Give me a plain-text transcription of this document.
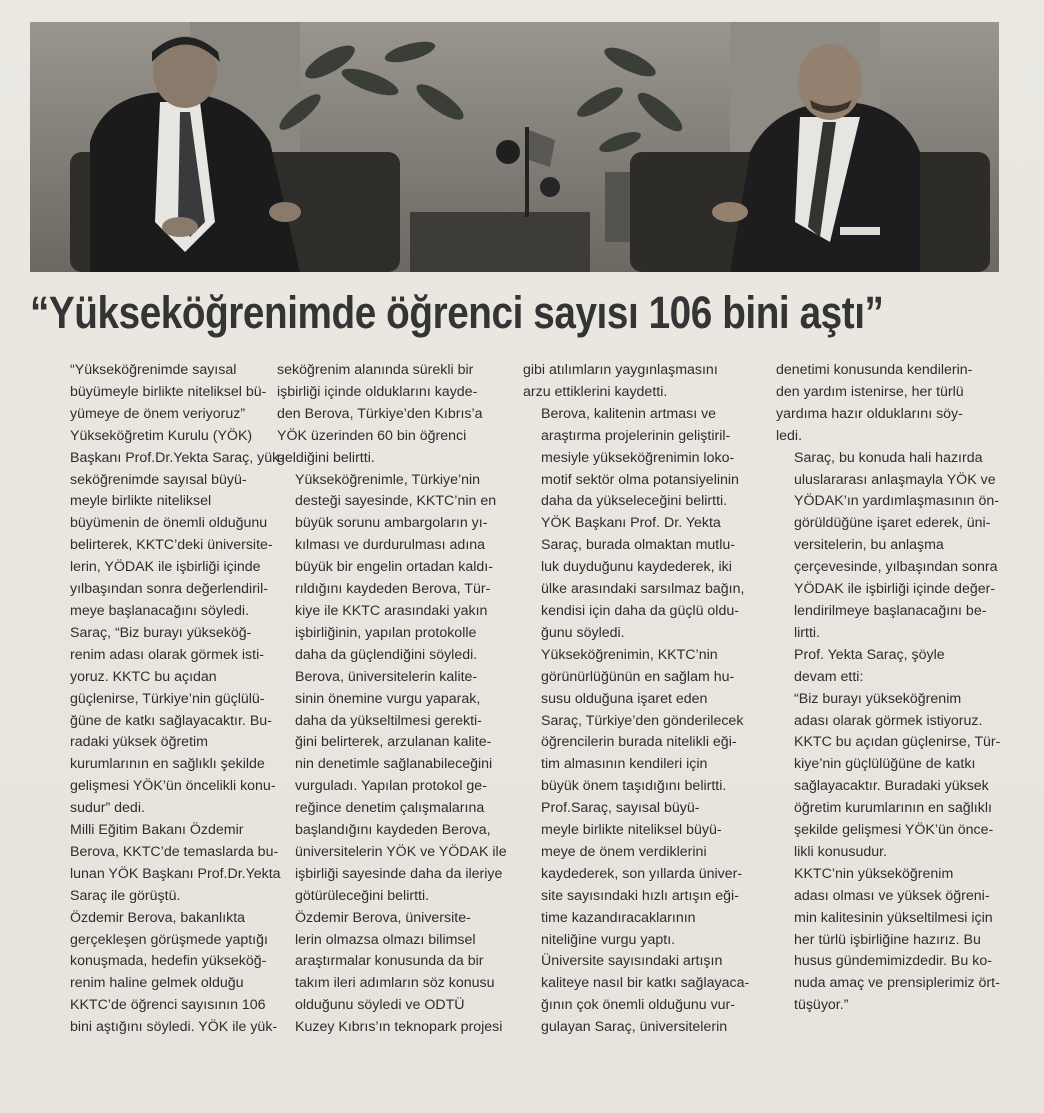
“Yükseköğrenimde öğrenci sayısı 106 bini aştı”

“Yükseköğrenimde sayısal
büyümeyle birlikte niteliksel bü-
yümeye de önem veriyoruz”

Yükseköğretim Kurulu (YÖK)
Başkanı Prof.Dr.Yekta Saraç, yük-
seköğrenimde sayısal büyü-
meyle birlikte niteliksel
büyümenin de önemli olduğunu
belirterek, KKTC’deki üniversite-
lerin, YÖDAK ile işbirliği içinde
yılbaşından sonra değerlendiril-
meye başlanacağını söyledi.

Saraç, “Biz burayı yükseköğ-
renim adası olarak görmek isti-
yoruz. KKTC bu açıdan
güçlenirse, Türkiye’nin güçlülü-
ğüne de katkı sağlayacaktır. Bu-
radaki yüksek öğretim
kurumlarının en sağlıklı şekilde
gelişmesi YÖK’ün öncelikli konu-
sudur” dedi.

Milli Eğitim Bakanı Özdemir
Berova, KKTC’de temaslarda bu-
lunan YÖK Başkanı Prof.Dr.Yekta
Saraç ile görüştü.

Özdemir Berova, bakanlıkta
gerçekleşen görüşmede yaptığı
konuşmada, hedefin yükseköğ-
renim haline gelmek olduğu
KKTC’de öğrenci sayısının 106
bini aştığını söyledi. YÖK ile yük-

seköğrenim alanında sürekli bir
işbirliği içinde olduklarını kayde-
den Berova, Türkiye’den Kıbrıs’a
YÖK üzerinden 60 bin öğrenci
geldiğini belirtti.

Yükseköğrenimle, Türkiye’nin
desteği sayesinde, KKTC’nin en
büyük sorunu ambargoların yı-
kılması ve durdurulması adına
büyük bir engelin ortadan kaldı-
rıldığını kaydeden Berova, Tür-
kiye ile KKTC arasındaki yakın
işbirliğinin, yapılan protokolle
daha da güçlendiğini söyledi.

Berova, üniversitelerin kalite-
sinin önemine vurgu yaparak,
daha da yükseltilmesi gerekti-
ğini belirterek, arzulanan kalite-
nin denetimle sağlanabileceğini
vurguladı. Yapılan protokol ge-
reğince denetim çalışmalarına
başlandığını kaydeden Berova,
üniversitelerin YÖK ve YÖDAK ile
işbirliği sayesinde daha da ileriye
götürüleceğini belirtti.

Özdemir Berova, üniversite-
lerin olmazsa olmazı bilimsel
araştırmalar konusunda da bir
takım ileri adımların söz konusu
olduğunu söyledi ve ODTÜ
Kuzey Kıbrıs’ın teknopark projesi

gibi atılımların yaygınlaşmasını
arzu ettiklerini kaydetti.

Berova, kalitenin artması ve
araştırma projelerinin geliştiril-
mesiyle yükseköğrenimin loko-
motif sektör olma potansiyelinin
daha da yükseleceğini belirtti.

YÖK Başkanı Prof. Dr. Yekta
Saraç, burada olmaktan mutlu-
luk duyduğunu kaydederek, iki
ülke arasındaki sarsılmaz bağın,
kendisi için daha da güçlü oldu-
ğunu söyledi.

Yükseköğrenimin, KKTC’nin
görünürlüğünün en sağlam hu-
susu olduğuna işaret eden
Saraç, Türkiye’den gönderilecek
öğrencilerin burada nitelikli eği-
tim almasının kendileri için
büyük önem taşıdığını belirtti.

Prof.Saraç, sayısal büyü-
meyle birlikte niteliksel büyü-
meye de önem verdiklerini
kaydederek, son yıllarda üniver-
site sayısındaki hızlı artışın eği-
time kazandıracaklarının
niteliğine vurgu yaptı.

Üniversite sayısındaki artışın
kaliteye nasıl bir katkı sağlayaca-
ğının çok önemli olduğunu vur-
gulayan Saraç, üniversitelerin

denetimi konusunda kendilerin-
den yardım istenirse, her türlü
yardıma hazır olduklarını söy-
ledi.

Saraç, bu konuda hali hazırda
uluslararası anlaşmayla YÖK ve
YÖDAK’ın yardımlaşmasının ön-
görüldüğüne işaret ederek, üni-
versitelerin, bu anlaşma
çerçevesinde, yılbaşından sonra
YÖDAK ile işbirliği içinde değer-
lendirilmeye başlanacağını be-
lirtti.

Prof. Yekta Saraç, şöyle
devam etti:

“Biz burayı yükseköğrenim
adası olarak görmek istiyoruz.
KKTC bu açıdan güçlenirse, Tür-
kiye’nin güçlülüğüne de katkı
sağlayacaktır. Buradaki yüksek
öğretim kurumlarının en sağlıklı
şekilde gelişmesi YÖK’ün önce-
likli konusudur.

KKTC’nin yükseköğrenim
adası olması ve yüksek öğreni-
min kalitesinin yükseltilmesi için
her türlü işbirliğine hazırız. Bu
husus gündemimizdedir. Bu ko-
nuda amaç ve prensiplerimiz ört-
tüşüyor.”
